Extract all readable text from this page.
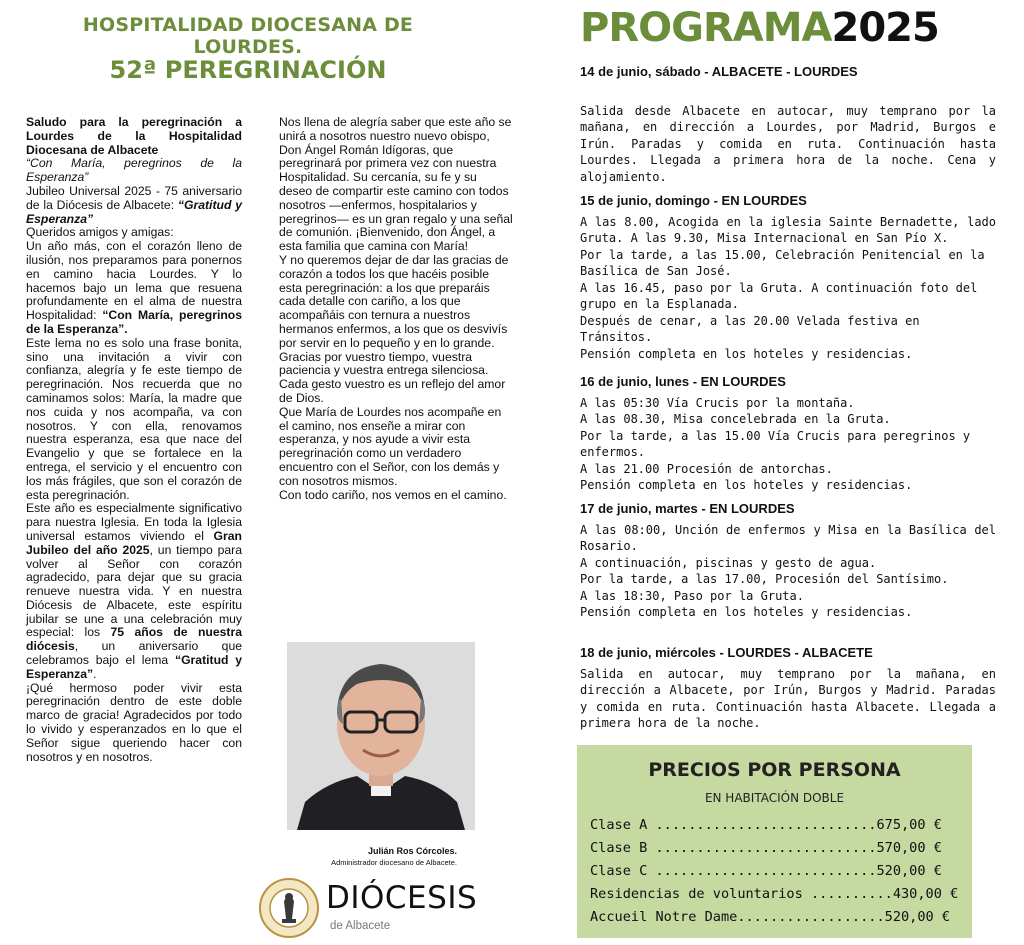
HOSPITALIDAD DIOCESANA DE LOURDES.
52ª PEREGRINACIÓN

Saludo para la peregrinación a Lourdes de la Hospitalidad Diocesana de Albacete

“Con María, peregrinos de la Esperanza”

Jubileo Universal 2025 - 75 aniversario de la Diócesis de Albacete: “Gratitud y Esperanza”

Queridos amigos y amigas:

Un año más, con el corazón lleno de ilusión, nos preparamos para ponernos en camino hacia Lourdes. Y lo hacemos bajo un lema que resuena profundamente en el alma de nuestra Hospitalidad: “Con María, peregrinos de la Esperanza”.

Este lema no es solo una frase bonita, sino una invitación a vivir con confianza, alegría y fe este tiempo de peregrinación. Nos recuerda que no caminamos solos: María, la madre que nos cuida y nos acompaña, va con nosotros. Y con ella, renovamos nuestra esperanza, esa que nace del Evangelio y que se fortalece en la entrega, el servicio y el encuentro con los más frágiles, que son el corazón de esta peregrinación.

Este año es especialmente significativo para nuestra Iglesia. En toda la Iglesia universal estamos viviendo el Gran Jubileo del año 2025, un tiempo para volver al Señor con corazón agradecido, para dejar que su gracia renueve nuestra vida. Y en nuestra Diócesis de Albacete, este espíritu jubilar se une a una celebración muy especial: los 75 años de nuestra diócesis, un aniversario que celebramos bajo el lema “Gratitud y Esperanza”.

¡Qué hermoso poder vivir esta peregrinación dentro de este doble marco de gracia! Agradecidos por todo lo vivido y esperanzados en lo que el Señor sigue queriendo hacer con nosotros y en nosotros.

Nos llena de alegría saber que este año se unirá a nosotros nuestro nuevo obispo, Don Ángel Román Idígoras, que peregrinará por primera vez con nuestra Hospitalidad. Su cercanía, su fe y su deseo de compartir este camino con todos nosotros —enfermos, hospitalarios y peregrinos— es un gran regalo y una señal de comunión. ¡Bienvenido, don Ángel, a esta familia que camina con María!

Y no queremos dejar de dar las gracias de corazón a todos los que hacéis posible esta peregrinación: a los que preparáis cada detalle con cariño, a los que acompañáis con ternura a nuestros hermanos enfermos, a los que os desvivís por servir en lo pequeño y en lo grande. Gracias por vuestro tiempo, vuestra paciencia y vuestra entrega silenciosa. Cada gesto vuestro es un reflejo del amor de Dios.

Que María de Lourdes nos acompañe en el camino, nos enseñe a mirar con esperanza, y nos ayude a vivir esta peregrinación como un verdadero encuentro con el Señor, con los demás y con nosotros mismos.

Con todo cariño, nos vemos en el camino.

Julián Ros Córcoles.
Administrador diocesano de Albacete.
DIÓCESIS
de Albacete
PROGRAMA2025
14 de junio, sábado - ALBACETE - LOURDES

Salida desde Albacete en autocar, muy temprano por la mañana, en dirección a Lourdes, por Madrid, Burgos e Irún. Paradas y comida en ruta. Continuación hasta Lourdes. Llegada a primera hora de la noche. Cena y alojamiento.

15 de junio, domingo - EN LOURDES

A las 8.00, Acogida en la iglesia Sainte Bernadette, lado Gruta. A las 9.30, Misa Internacional en San Pío X.

Por la tarde, a las 15.00, Celebración Penitencial en la Basílica de San José.

A las 16.45, paso por la Gruta. A continuación foto del grupo en la Esplanada.

Después de cenar, a las 20.00 Velada festiva en Tránsitos.

Pensión completa en los hoteles y residencias.

16 de junio, lunes - EN LOURDES

A las 05:30 Vía Crucis por la montaña.

A las 08.30, Misa concelebrada en la Gruta.

Por la tarde, a las 15.00 Vía Crucis para peregrinos y enfermos.

A las 21.00 Procesión de antorchas.

Pensión completa en los hoteles y residencias.

17 de junio, martes - EN LOURDES

A las 08:00, Unción de enfermos y Misa en la Basílica del Rosario.

A continuación, piscinas y gesto de agua.

Por la tarde, a las 17.00, Procesión del Santísimo.

A las 18:30, Paso por la Gruta.

Pensión completa en los hoteles y residencias.

18 de junio, miércoles - LOURDES - ALBACETE

Salida en autocar, muy temprano por la mañana, en dirección a Albacete, por Irún, Burgos y Madrid. Paradas y comida en ruta. Continuación hasta Albacete. Llegada a primera hora de la noche.

PRECIOS POR PERSONA
EN HABITACIÓN DOBLE
Clase A ...........................675,00 €
Clase B ...........................570,00 €
Clase C ...........................520,00 €
Residencias de voluntarios ..........430,00 €
Accueil Notre Dame..................520,00 €
